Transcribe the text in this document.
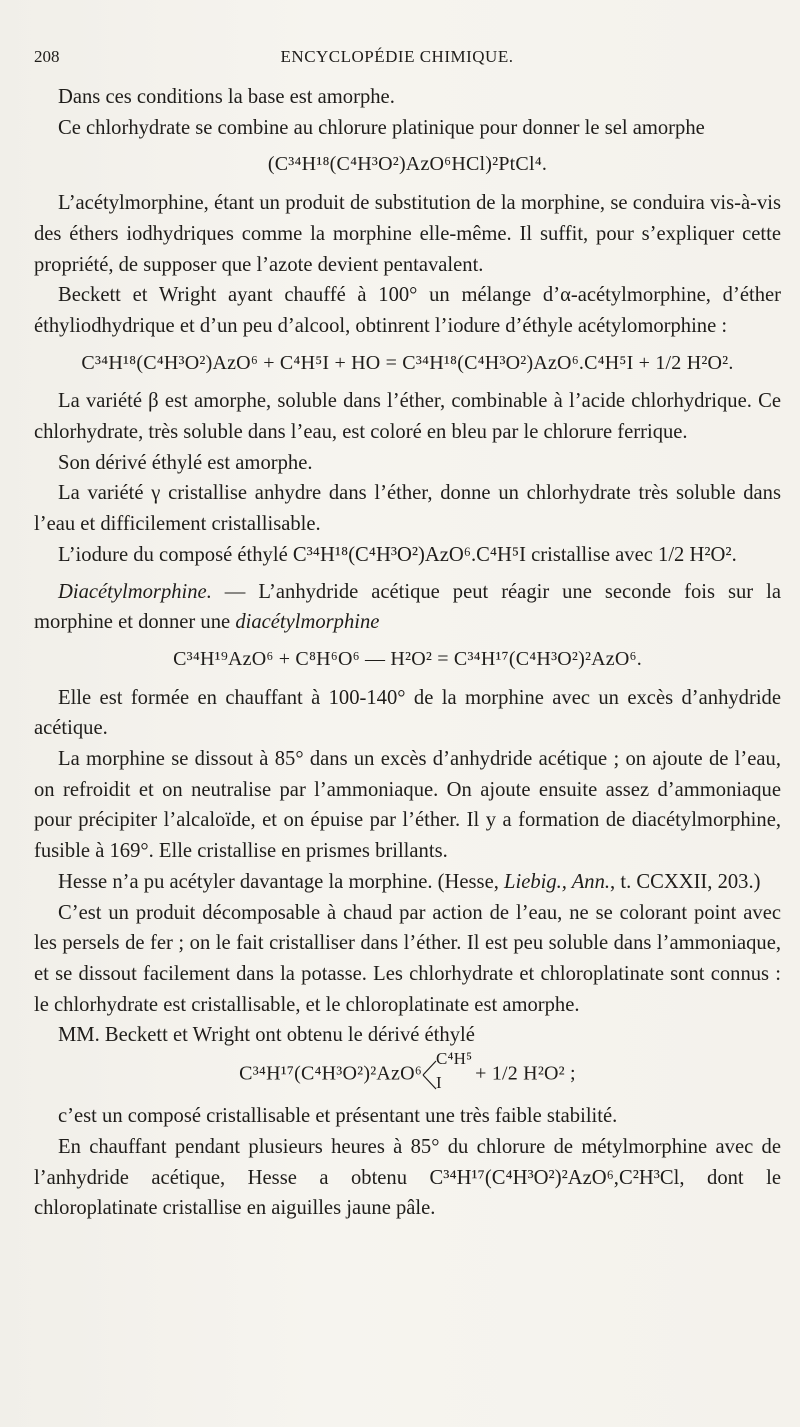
208	ENCYCLOPÉDIE CHIMIQUE.

Dans ces conditions la base est amorphe.

Ce chlorhydrate se combine au chlorure platinique pour donner le sel amorphe

(C³⁴H¹⁸(C⁴H³O²)AzO⁶HCl)²PtCl⁴.

L’acétylmorphine, étant un produit de substitution de la morphine, se conduira vis-à-vis des éthers iodhydriques comme la morphine elle-même. Il suffit, pour s’expliquer cette propriété, de supposer que l’azote devient pentavalent.

Beckett et Wright ayant chauffé à 100° un mélange d’α-acétylmorphine, d’éther éthyliodhydrique et d’un peu d’alcool, obtinrent l’iodure d’éthyle acétylomorphine :

C³⁴H¹⁸(C⁴H³O²)AzO⁶ + C⁴H⁵I + HO = C³⁴H¹⁸(C⁴H³O²)AzO⁶.C⁴H⁵I + 1/2 H²O².

La variété β est amorphe, soluble dans l’éther, combinable à l’acide chlorhydrique. Ce chlorhydrate, très soluble dans l’eau, est coloré en bleu par le chlorure ferrique.

Son dérivé éthylé est amorphe.

La variété γ cristallise anhydre dans l’éther, donne un chlorhydrate très soluble dans l’eau et difficilement cristallisable.

L’iodure du composé éthylé C³⁴H¹⁸(C⁴H³O²)AzO⁶.C⁴H⁵I cristallise avec 1/2 H²O².

Diacétylmorphine. — L’anhydride acétique peut réagir une seconde fois sur la morphine et donner une diacétylmorphine

C³⁴H¹⁹AzO⁶ + C⁸H⁶O⁶ — H²O² = C³⁴H¹⁷(C⁴H³O²)²AzO⁶.

Elle est formée en chauffant à 100-140° de la morphine avec un excès d’anhydride acétique.

La morphine se dissout à 85° dans un excès d’anhydride acétique ; on ajoute de l’eau, on refroidit et on neutralise par l’ammoniaque. On ajoute ensuite assez d’ammoniaque pour précipiter l’alcaloïde, et on épuise par l’éther. Il y a formation de diacétylmorphine, fusible à 169°. Elle cristallise en prismes brillants.

Hesse n’a pu acétyler davantage la morphine. (Hesse, Liebig., Ann., t. CCXXII, 203.)

C’est un produit décomposable à chaud par action de l’eau, ne se colorant point avec les persels de fer ; on le fait cristalliser dans l’éther. Il est peu soluble dans l’ammoniaque, et se dissout facilement dans la potasse. Les chlorhydrate et chloroplatinate sont connus : le chlorhydrate est cristallisable, et le chloroplatinate est amorphe.

MM. Beckett et Wright ont obtenu le dérivé éthylé

C³⁴H¹⁷(C⁴H³O²)²AzO⁶
C⁴H⁵
I + 1/2 H²O² ;

c’est un composé cristallisable et présentant une très faible stabilité.

En chauffant pendant plusieurs heures à 85° du chlorure de métylmorphine avec de l’anhydride acétique, Hesse a obtenu C³⁴H¹⁷(C⁴H³O²)²AzO⁶,C²H³Cl, dont le chloroplatinate cristallise en aiguilles jaune pâle.
